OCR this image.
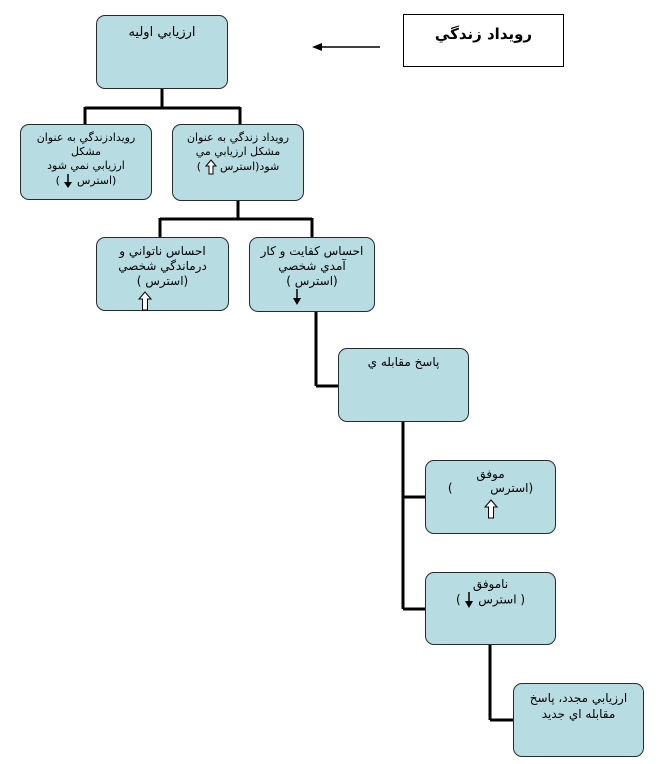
رويداد زندگي
ارزيابي اوليه
رويداد زندگي به عنوان
مشكل ارزيابي مي
شود(استرس  )
رويدادزندگي به عنوان مشكل
ارزيابي نمي شود
(استرس  )
احساس كفايت و كار
آمدي شخصي
(استرس )
احساس ناتواني و
درماندگي شخصي
(استرس )
پاسخ مقابله ي
موفق
(استرس  )
ناموفق
( استرس  )
ارزيابي مجدد، پاسخ
مقابله اي جديد
